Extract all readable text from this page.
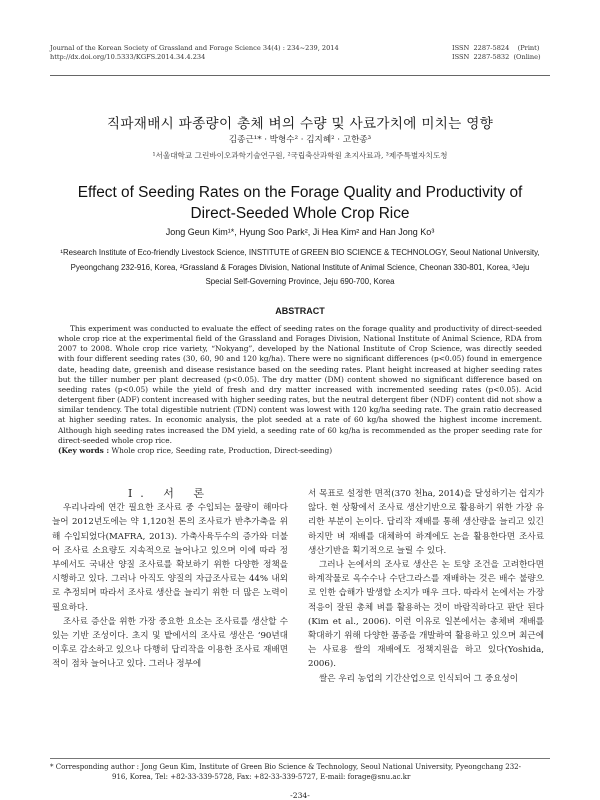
Journal of the Korean Society of Grassland and Forage Science 34(4) : 234~239, 2014
http://dx.doi.org/10.5333/KGFS.2014.34.4.234
ISSN  2287-5824    (Print)
ISSN  2287-5832  (Online)
직파재배시 파종량이 총체 벼의 수량 및 사료가치에 미치는 영향
김종근¹* · 박형수² · 김지혜² · 고한종³
¹서울대학교 그린바이오과학기술연구원, ²국립축산과학원 초지사료과, ³제주특별자치도청
Effect of Seeding Rates on the Forage Quality and Productivity of
Direct-Seeded Whole Crop Rice
Jong Geun Kim¹*, Hyung Soo Park², Ji Hea Kim² and Han Jong Ko³
¹Research Institute of Eco-friendly Livestock Science, INSTITUTE of GREEN BIO SCIENCE & TECHNOLOGY, Seoul National University, Pyeongchang 232-916, Korea, ²Grassland & Forages Division, National Institute of Animal Science, Cheonan 330-801, Korea, ³Jeju Special Self-Governing Province, Jeju 690-700, Korea
ABSTRACT

This experiment was conducted to evaluate the effect of seeding rates on the forage quality and productivity of direct-seeded whole crop rice at the experimental field of the Grassland and Forages Division, National Institute of Animal Science, RDA from 2007 to 2008. Whole crop rice variety, “Nokyang”, developed by the National Institute of Crop Science, was directly seeded with four different seeding rates (30, 60, 90 and 120 kg/ha). There were no significant differences (p<0.05) found in emergence date, heading date, greenish and disease resistance based on the seeding rates. Plant height increased at higher seeding rates but the tiller number per plant decreased (p<0.05). The dry matter (DM) content showed no significant difference based on seeding rates (p<0.05) while the yield of fresh and dry matter increased with incremented seeding rates (p<0.05). Acid detergent fiber (ADF) content increased with higher seeding rates, but the neutral detergent fiber (NDF) content did not show a similar tendency. The total digestible nutrient (TDN) content was lowest with 120 kg/ha seeding rate. The grain ratio decreased at higher seeding rates. In economic analysis, the plot seeded at a rate of 60 kg/ha showed the highest income increment. Although high seeding rates increased the DM yield, a seeding rate of 60 kg/ha is recommended as the proper seeding rate for direct-seeded whole crop rice.
(Key words : Whole crop rice, Seeding rate, Production, Direct-seeding)

Ⅰ. 서 론

우리나라에 연간 필요한 조사료 중 수입되는 물량이 해마다 늘어 2012년도에는 약 1,120천 톤의 조사료가 반추가축을 위해 수입되었다(MAFRA, 2013). 가축사육두수의 증가와 더불어 조사료 소요량도 지속적으로 늘어나고 있으며 이에 따라 정부에서도 국내산 양질 조사료를 확보하기 위한 다양한 정책을 시행하고 있다. 그러나 아직도 양질의 자급조사료는 44% 내외로 추정되며 따라서 조사료 생산을 늘리기 위한 더 많은 노력이 필요하다.

조사료 증산을 위한 가장 중요한 요소는 조사료를 생산할 수 있는 기반 조성이다. 초지 및 밭에서의 조사료 생산은 ‘90년대 이후로 감소하고 있으나 다행히 답리작을 이용한 조사료 재배면적이 점차 늘어나고 있다. 그러나 정부에

서 목표로 설정한 면적(370 천ha, 2014)을 달성하기는 쉽지가 않다. 현 상황에서 조사료 생산기반으로 활용하기 위한 가장 유리한 부분이 논이다. 답리작 재배를 통해 생산량을 늘리고 있긴 하지만 벼 재배를 대체하여 하계에도 논을 활용한다면 조사료 생산기반을 획기적으로 늘릴 수 있다.

그러나 논에서의 조사료 생산은 논 토양 조건을 고려한다면 하계작물로 옥수수나 수단그라스를 재배하는 것은 배수 불량으로 인한 습해가 발생할 소지가 매우 크다. 따라서 논에서는 가장 적응이 잘된 총체 벼를 활용하는 것이 바람직하다고 판단 된다(Kim et al., 2006). 이런 이유로 일본에서는 총체벼 재배를 확대하기 위해 다양한 품종을 개발하여 활용하고 있으며 최근에는 사료용 쌀의 재배에도 정책지원을 하고 있다(Yoshida, 2006).

쌀은 우리 농업의 기간산업으로 인식되어 그 중요성이

* Corresponding author : Jong Geun Kim, Institute of Green Bio Science & Technology, Seoul National University, Pyeongchang 232-
916, Korea, Tel: +82-33-339-5728, Fax: +82-33-339-5727, E-mail: forage@snu.ac.kr
-234-
